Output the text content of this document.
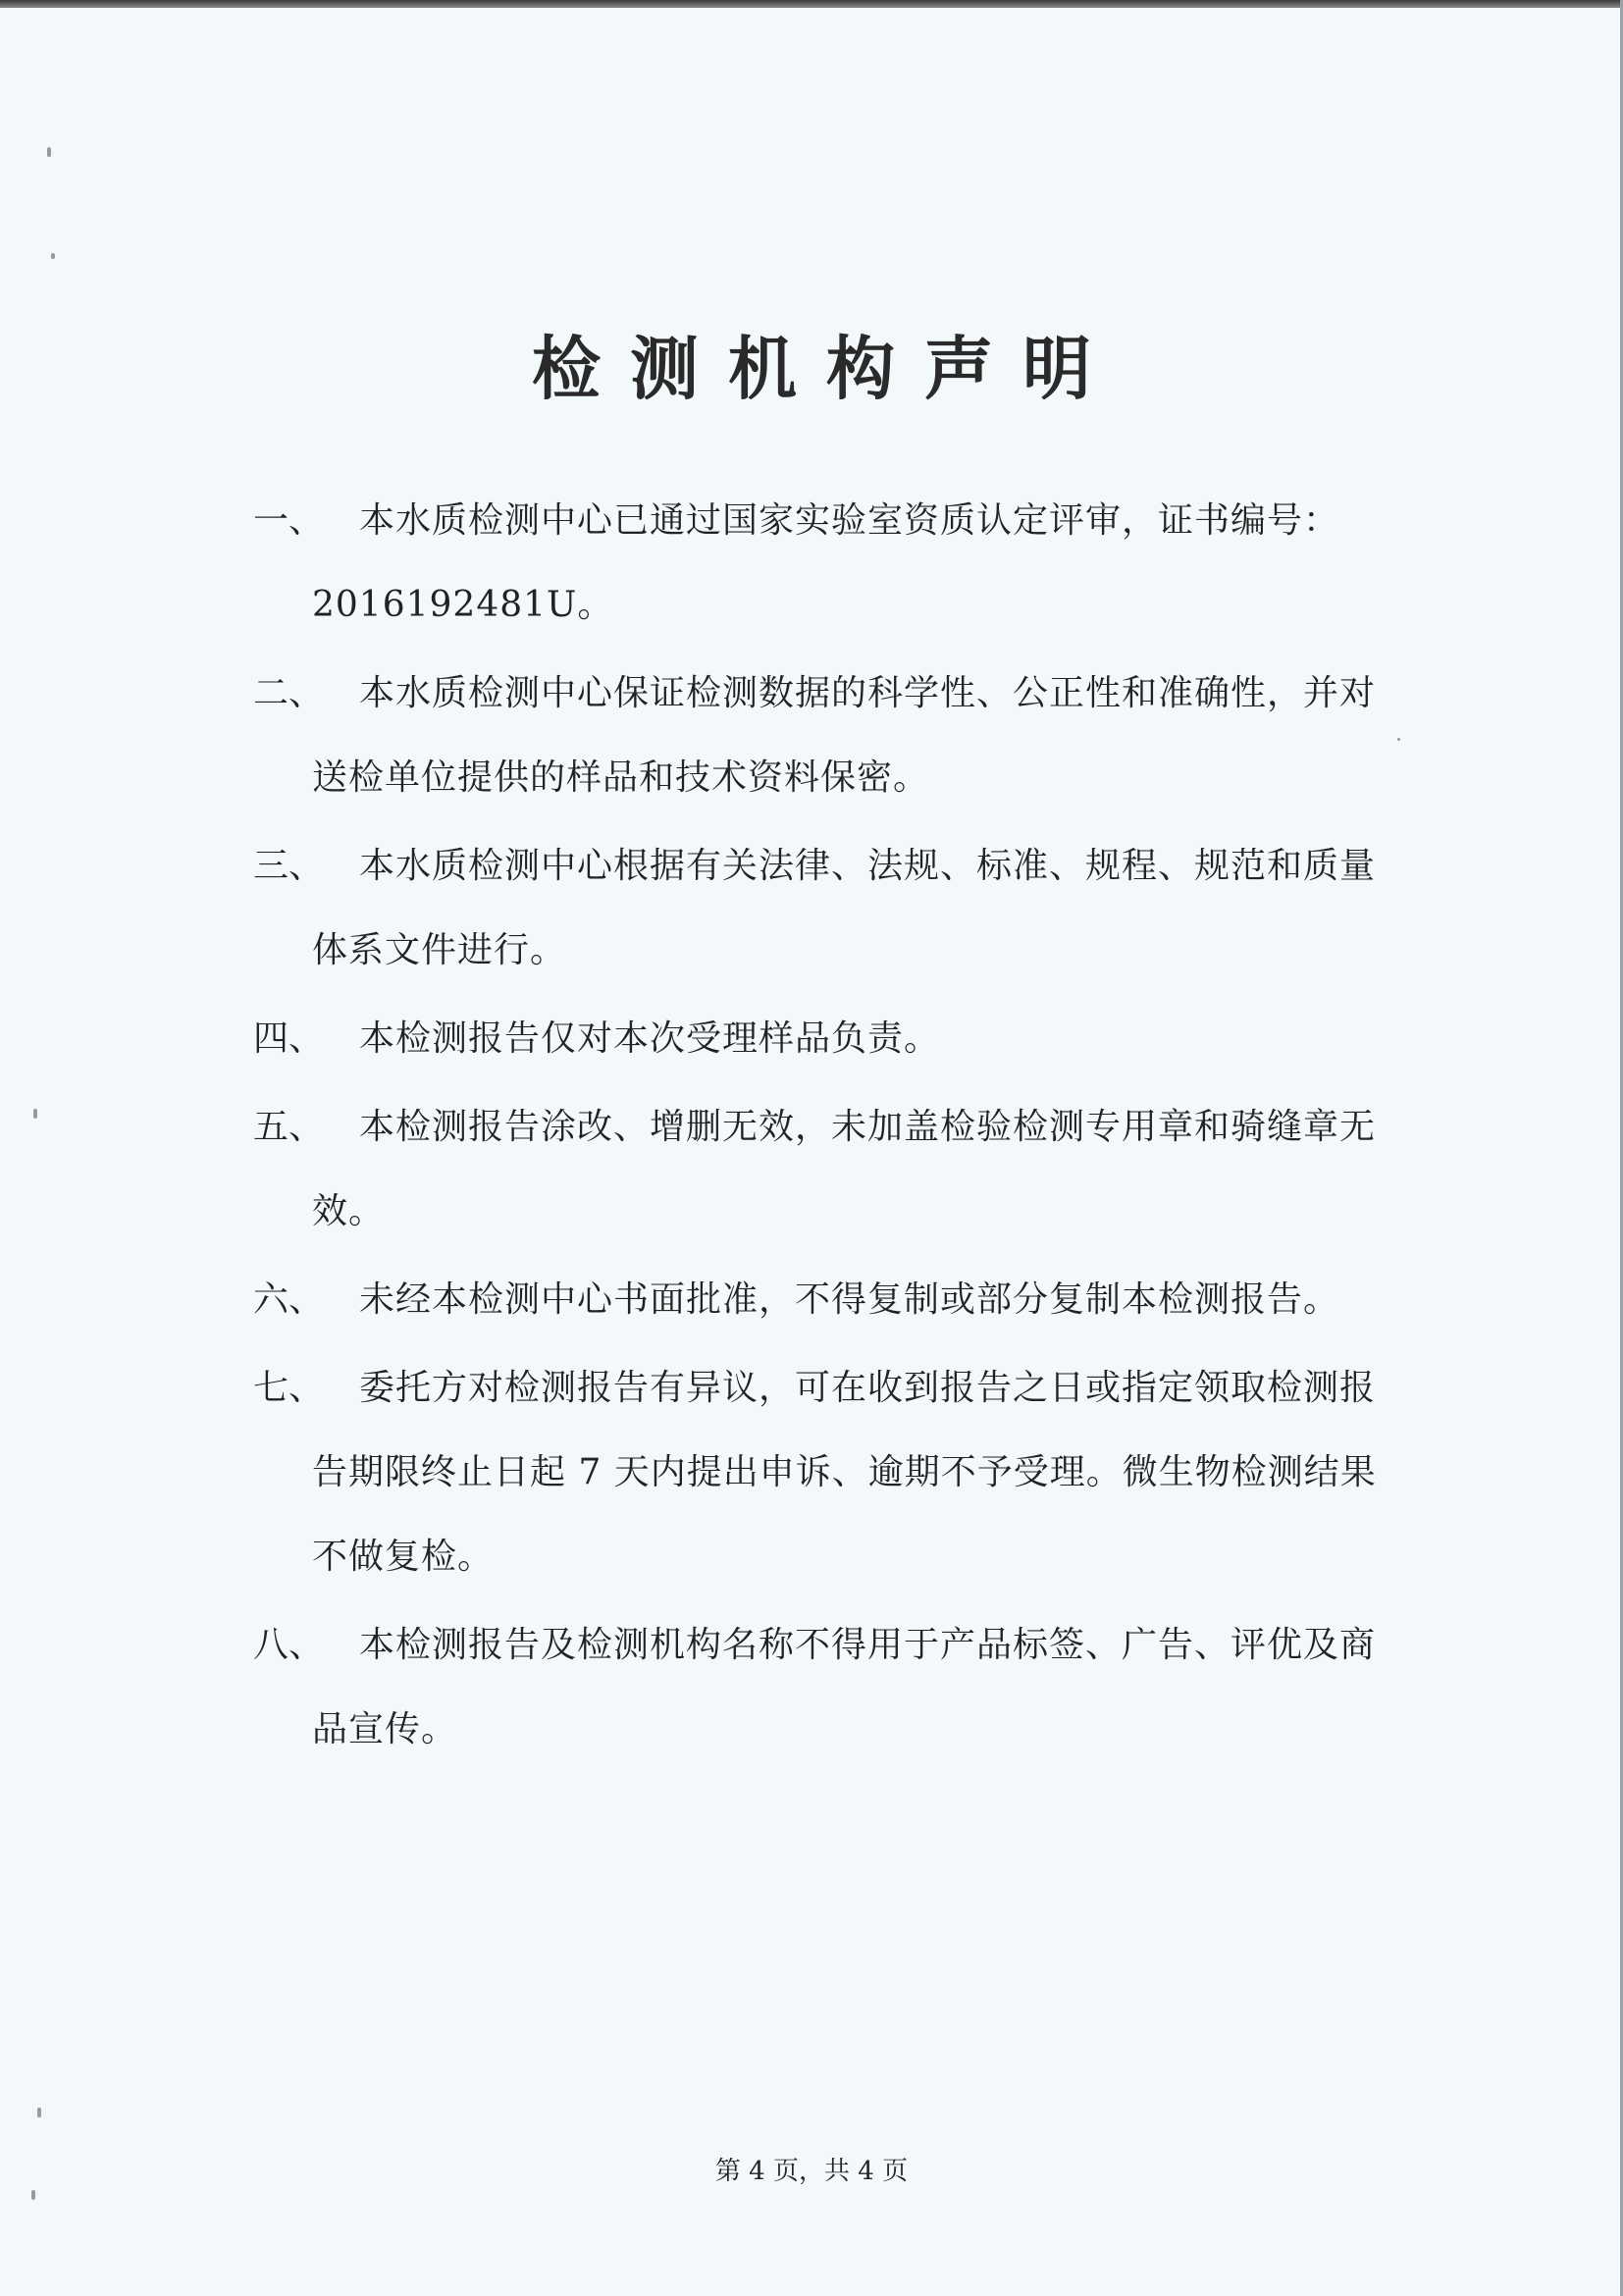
检测机构声明
一、 本水质检测中心已通过国家实验室资质认定评审，证书编号：2016192481U。
二、 本水质检测中心保证检测数据的科学性、公正性和准确性，并对送检单位提供的样品和技术资料保密。
三、 本水质检测中心根据有关法律、法规、标准、规程、规范和质量体系文件进行。
四、 本检测报告仅对本次受理样品负责。
五、 本检测报告涂改、增删无效，未加盖检验检测专用章和骑缝章无效。
六、 未经本检测中心书面批准，不得复制或部分复制本检测报告。
七、 委托方对检测报告有异议，可在收到报告之日或指定领取检测报告期限终止日起 7 天内提出申诉、逾期不予受理。微生物检测结果不做复检。
八、 本检测报告及检测机构名称不得用于产品标签、广告、评优及商品宣传。
第 4 页，共 4 页
